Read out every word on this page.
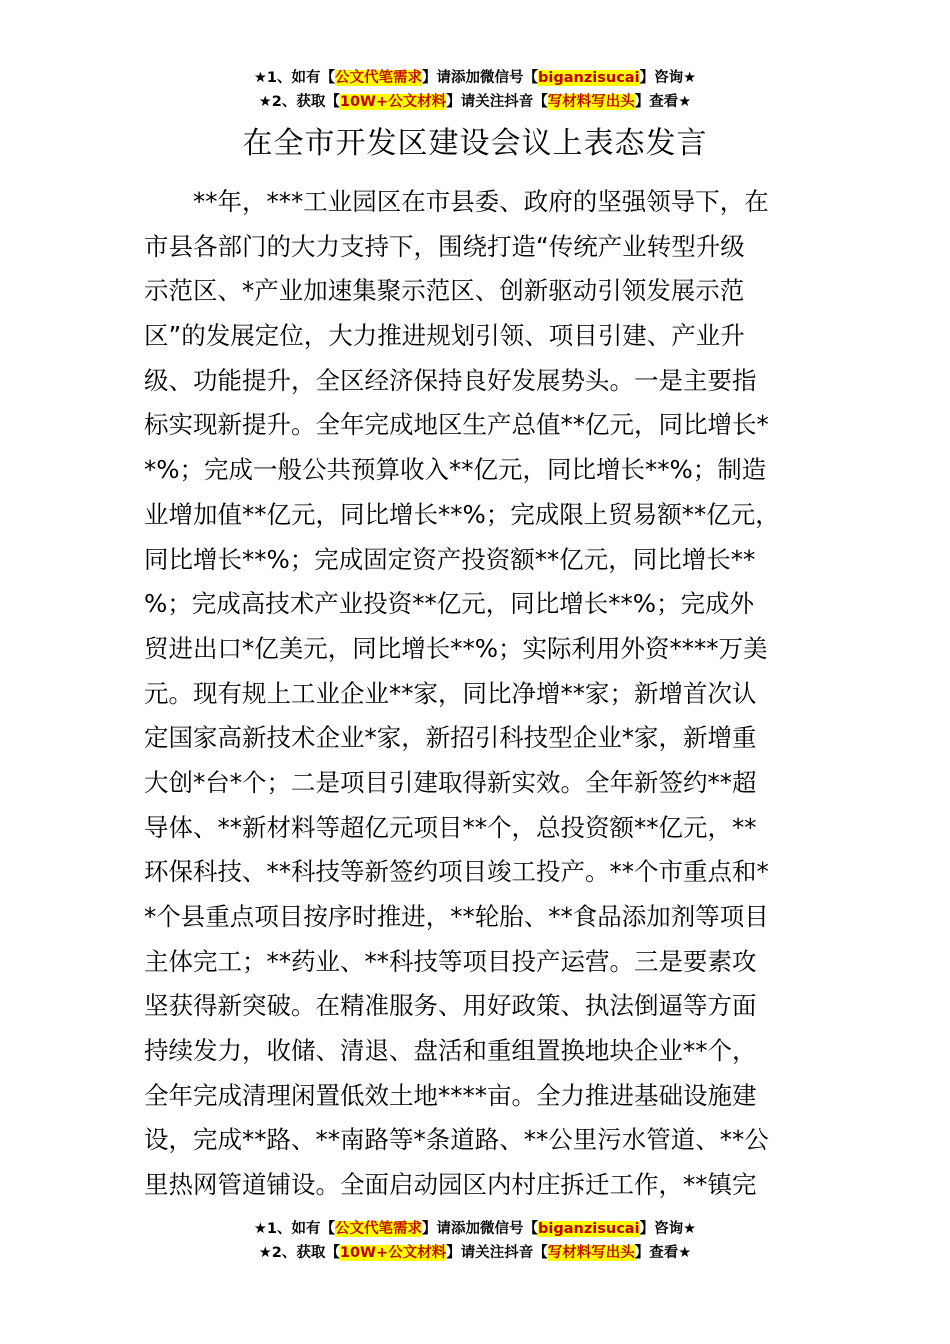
★1、如有【公文代笔需求】请添加微信号【biganzisucai】咨询★
★2、获取【10W+公文材料】请关注抖音【写材料写出头】查看★
在全市开发区建设会议上表态发言
**年，***工业园区在市县委、政府的坚强领导下，在
市县各部门的大力支持下，围绕打造“传统产业转型升级
示范区、*产业加速集聚示范区、创新驱动引领发展示范
区”的发展定位，大力推进规划引领、项目引建、产业升
级、功能提升，全区经济保持良好发展势头。一是主要指
标实现新提升。全年完成地区生产总值**亿元，同比增长*
*%；完成一般公共预算收入**亿元，同比增长**%；制造
业增加值**亿元，同比增长**%；完成限上贸易额**亿元，
同比增长**%；完成固定资产投资额**亿元，同比增长**
%；完成高技术产业投资**亿元，同比增长**%；完成外
贸进出口*亿美元，同比增长**%；实际利用外资****万美
元。现有规上工业企业**家，同比净增**家；新增首次认
定国家高新技术企业*家，新招引科技型企业*家，新增重
大创*台*个；二是项目引建取得新实效。全年新签约**超
导体、**新材料等超亿元项目**个，总投资额**亿元，**
环保科技、**科技等新签约项目竣工投产。**个市重点和*
*个县重点项目按序时推进，**轮胎、**食品添加剂等项目
主体完工；**药业、**科技等项目投产运营。三是要素攻
坚获得新突破。在精准服务、用好政策、执法倒逼等方面
持续发力，收储、清退、盘活和重组置换地块企业**个，
全年完成清理闲置低效土地****亩。全力推进基础设施建
设，完成**路、**南路等*条道路、**公里污水管道、**公
里热网管道铺设。全面启动园区内村庄拆迁工作，**镇完
★1、如有【公文代笔需求】请添加微信号【biganzisucai】咨询★
★2、获取【10W+公文材料】请关注抖音【写材料写出头】查看★
